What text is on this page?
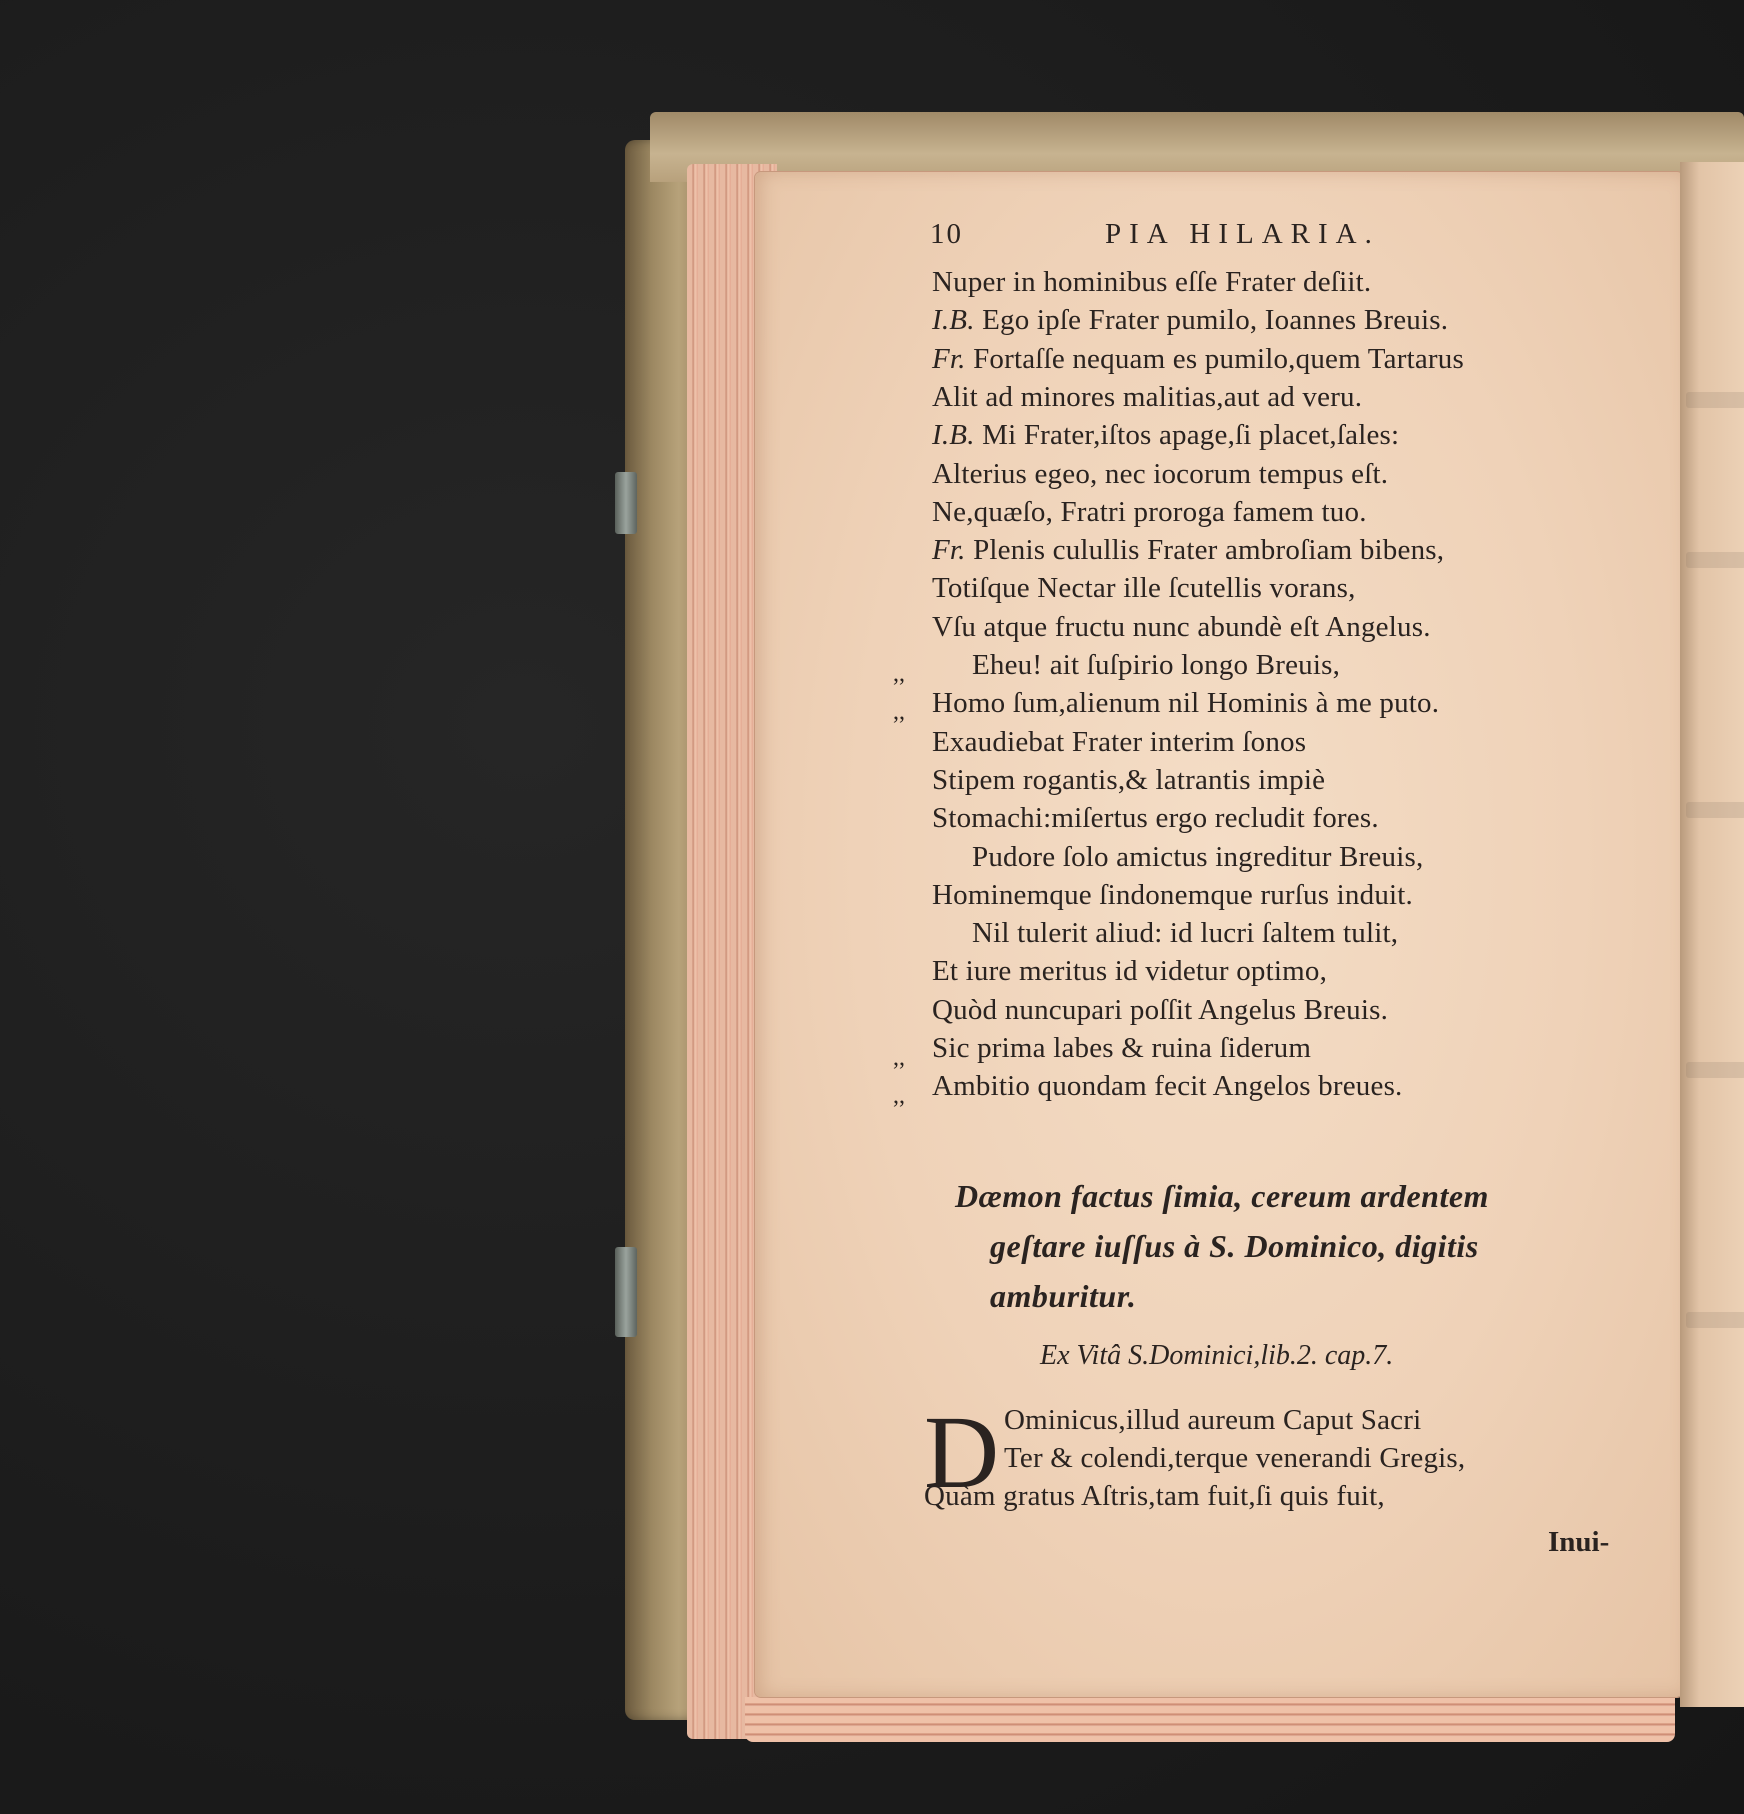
10	PIA HILARIA.
Nuper in hominibus eſſe Frater deſiit.
I.B. Ego ipſe Frater pumilo, Ioannes Breuis.
Fr. Fortaſſe nequam es pumilo,quem Tartarus
Alit ad minores malitias,aut ad veru.
I.B. Mi Frater,iſtos apage,ſi placet,ſales:
Alterius egeo, nec iocorum tempus eſt.
Ne,quæſo, Fratri proroga famem tuo.
Fr. Plenis culullis Frater ambroſiam bibens,
Totiſque Nectar ille ſcutellis vorans,
Vſu atque fructu nunc abundè eſt Angelus.
Eheu! ait ſuſpirio longo Breuis,
Homo ſum,alienum nil Hominis à me puto.
Exaudiebat Frater interim ſonos
Stipem rogantis,& latrantis impiè
Stomachi:miſertus ergo recludit fores.
Pudore ſolo amictus ingreditur Breuis,
Hominemque ſindonemque rurſus induit.
Nil tulerit aliud: id lucri ſaltem tulit,
Et iure meritus id videtur optimo,
Quòd nuncupari poſſit Angelus Breuis.
Sic prima labes & ruina ſiderum
Ambitio quondam fecit Angelos breues.
,,
,,
,,
,,
Dæmon factus ſimia, cereum ardentem
geſtare iuſſus à S. Dominico, digitis
amburitur.
Ex Vitâ S.Dominici,lib.2. cap.7.
D Ominicus,illud aureum Caput Sacri
Ter & colendi,terque venerandi Gregis,
Quàm gratus Aſtris,tam fuit,ſi quis fuit,
Inui-
